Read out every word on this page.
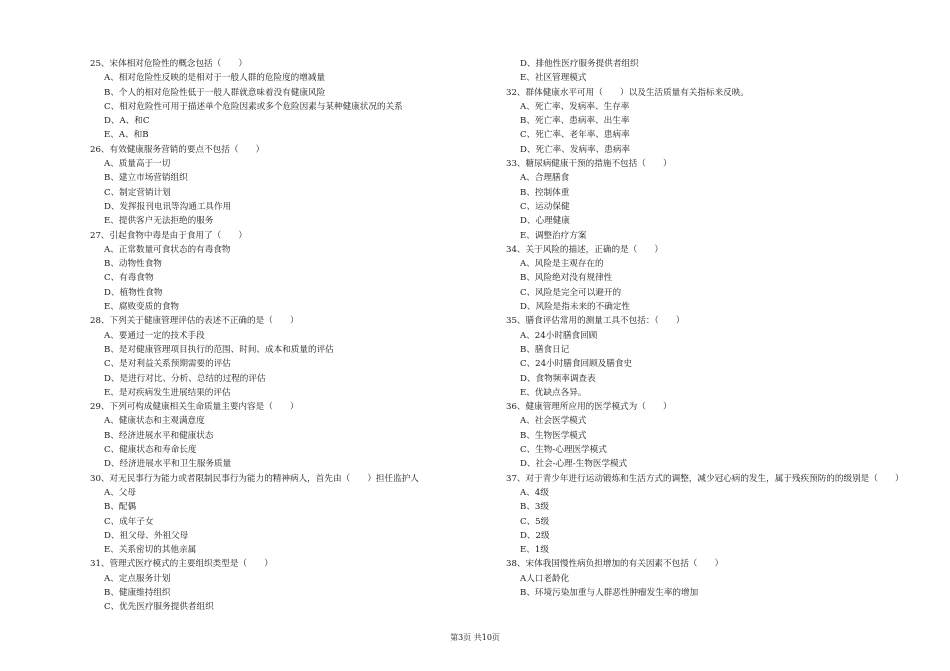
25、宋体相对危险性的概念包括（　　）
A、相对危险性反映的是相对于一般人群的危险度的增减量
B、个人的相对危险性低于一般人群就意味着没有健康风险
C、相对危险性可用于描述单个危险因素或多个危险因素与某种健康状况的关系
D、A、和C
E、A、和B
26、有效健康服务营销的要点不包括（　　）
A、质量高于一切
B、建立市场营销组织
C、制定营销计划
D、发挥报刊电讯等沟通工具作用
E、提供客户无法拒绝的服务
27、引起食物中毒是由于食用了（　　）
A、正常数量可食状态的有毒食物
B、动物性食物
C、有毒食物
D、植物性食物
E、腐败变质的食物
28、下列关于健康管理评估的表述不正确的是（　　）
A、要通过一定的技术手段
B、是对健康管理项目执行的范围、时间、成本和质量的评估
C、是对利益关系预期需要的评估
D、是进行对比、分析、总结的过程的评估
E、是对疾病发生进展结果的评估
29、下列可构成健康相关生命质量主要内容是（　　）
A、健康状态和主观满意度
B、经济进展水平和健康状态
C、健康状态和寿命长度
D、经济进展水平和卫生服务质量
30、对无民事行为能力或者限制民事行为能力的精神病人，首先由（　　）担任监护人
A、父母
B、配偶
C、成年子女
D、祖父母、外祖父母
E、关系密切的其他亲属
31、管理式医疗模式的主要组织类型是（　　）
A、定点服务计划
B、健康维持组织
C、优先医疗服务提供者组织
D、排他性医疗服务提供者组织
E、社区管理模式
32、群体健康水平可用（　　）以及生活质量有关指标来反映。
A、死亡率、发病率、生存率
B、死亡率、患病率、出生率
C、死亡率、老年率、患病率
D、死亡率、发病率、患病率
33、糖尿病健康干预的措施不包括（　　）
A、合理膳食
B、控制体重
C、运动保健
D、心理健康
E、调整治疗方案
34、关于风险的描述，正确的是（　　）
A、风险是主观存在的
B、风险绝对没有规律性
C、风险是完全可以避开的
D、风险是指未来的不确定性
35、膳食评估常用的测量工具不包括：（　　）
A、24小时膳食回顾
B、膳食日记
C、24小时膳食回顾及膳食史
D、食物频率调查表
E、优缺点各异。
36、健康管理所应用的医学模式为（　　）
A、社会医学模式
B、生物医学模式
C、生物-心理医学模式
D、社会-心理-生物医学模式
37、对于青少年进行运动锻炼和生活方式的调整，减少冠心病的发生，属于残疾预防的的级别是（　　）
A、4级
B、3级
C、5级
D、2级
E、1级
38、宋体我国慢性病负担增加的有关因素不包括（　　）
A人口老龄化
B、环境污染加重与人群恶性肿瘤发生率的增加
第3页 共10页
